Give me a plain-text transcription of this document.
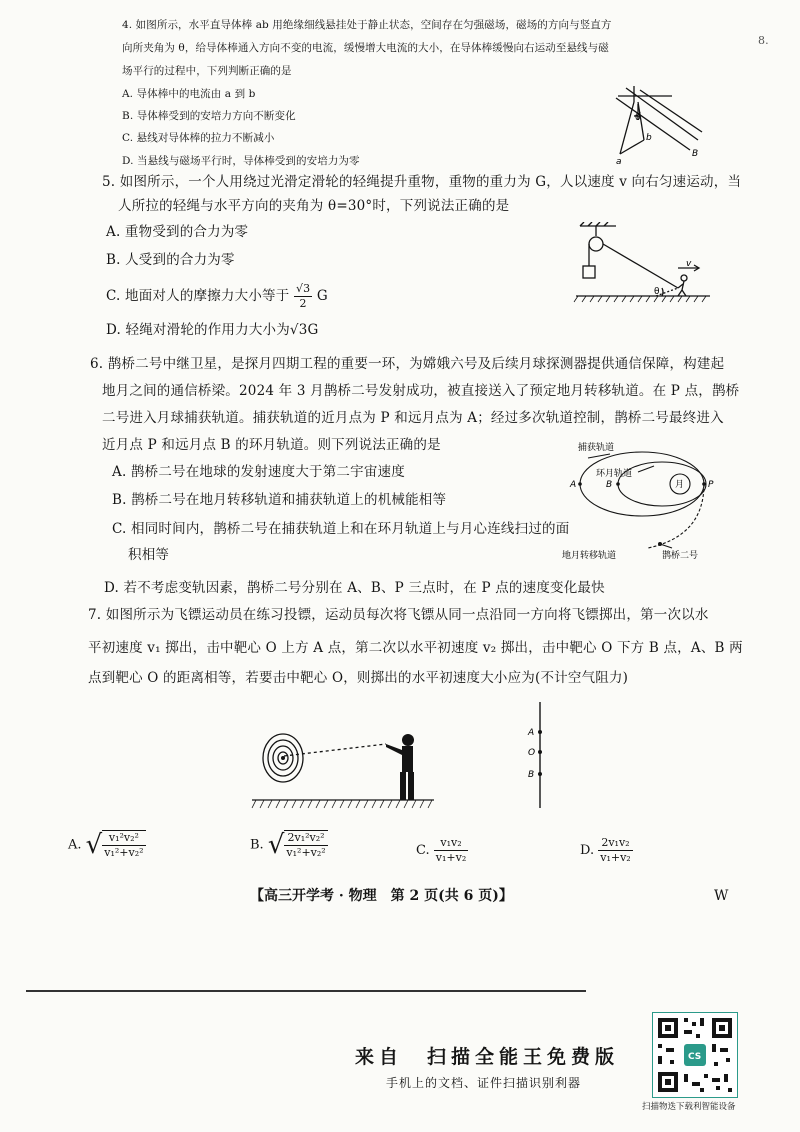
8.
4. 如图所示，水平直导体棒 ab 用绝缘细线悬挂处于静止状态，空间存在匀强磁场，磁场的方向与竖直方
向所夹角为 θ，给导体棒通入方向不变的电流，缓慢增大电流的大小，在导体棒缓慢向右运动至悬线与磁
场平行的过程中，下列判断正确的是
A. 导体棒中的电流由 a 到 b
B. 导体棒受到的安培力方向不断变化
C. 悬线对导体棒的拉力不断减小
D. 当悬线与磁场平行时，导体棒受到的安培力为零
θ
a
b
B
5. 如图所示，一个人用绕过光滑定滑轮的轻绳提升重物，重物的重力为 G，人以速度 v 向右匀速运动，当
人所拉的轻绳与水平方向的夹角为 θ=30°时，下列说法正确的是
A. 重物受到的合力为零
B. 人受到的合力为零
C. 地面对人的摩擦力大小等于 $\frac{√3}{2}$ G
D. 轻绳对滑轮的作用力大小为√3G
v
θ
6. 鹊桥二号中继卫星，是探月四期工程的重要一环，为嫦娥六号及后续月球探测器提供通信保障，构建起
地月之间的通信桥梁。2024 年 3 月鹊桥二号发射成功，被直接送入了预定地月转移轨道。在 P 点，鹊桥
二号进入月球捕获轨道。捕获轨道的近月点为 P 和远月点为 A；经过多次轨道控制，鹊桥二号最终进入
近月点 P 和远月点 B 的环月轨道。则下列说法正确的是
A. 鹊桥二号在地球的发射速度大于第二宇宙速度
B. 鹊桥二号在地月转移轨道和捕获轨道上的机械能相等
C. 相同时间内，鹊桥二号在捕获轨道上和在环月轨道上与月心连线扫过的面
积相等
D. 若不考虑变轨因素，鹊桥二号分别在 A、B、P 三点时，在 P 点的速度变化最快
捕获轨道
环月轨道
A	B	月	P
地月转移轨道	鹊桥二号
7. 如图所示为飞镖运动员在练习投镖，运动员每次将飞镖从同一点沿同一方向将飞镖掷出，第一次以水
平初速度 v₁ 掷出，击中靶心 O 上方 A 点，第二次以水平初速度 v₂ 掷出，击中靶心 O 下方 B 点，A、B 两
点到靶心 O 的距离相等，若要击中靶心 O，则掷出的水平初速度大小应为(不计空气阻力)
A
O
B
A. √ $\frac{\text{v₁²v₂²}}{\text{v₁²+v₂²}}$	B. √ $\frac{\text{2v₁²v₂²}}{\text{v₁²+v₂²}}$	C. $\frac{\text{v₁v₂}}{\text{v₁+v₂}}$	D. $\frac{\text{2v₁v₂}}{\text{v₁+v₂}}$
【高三开学考 · 物理　第 2 页(共 6 页)】	W
来自　扫描全能王免费版
手机上的文档、证件扫描识别利器
CS
扫描物迭下载利智能设备
